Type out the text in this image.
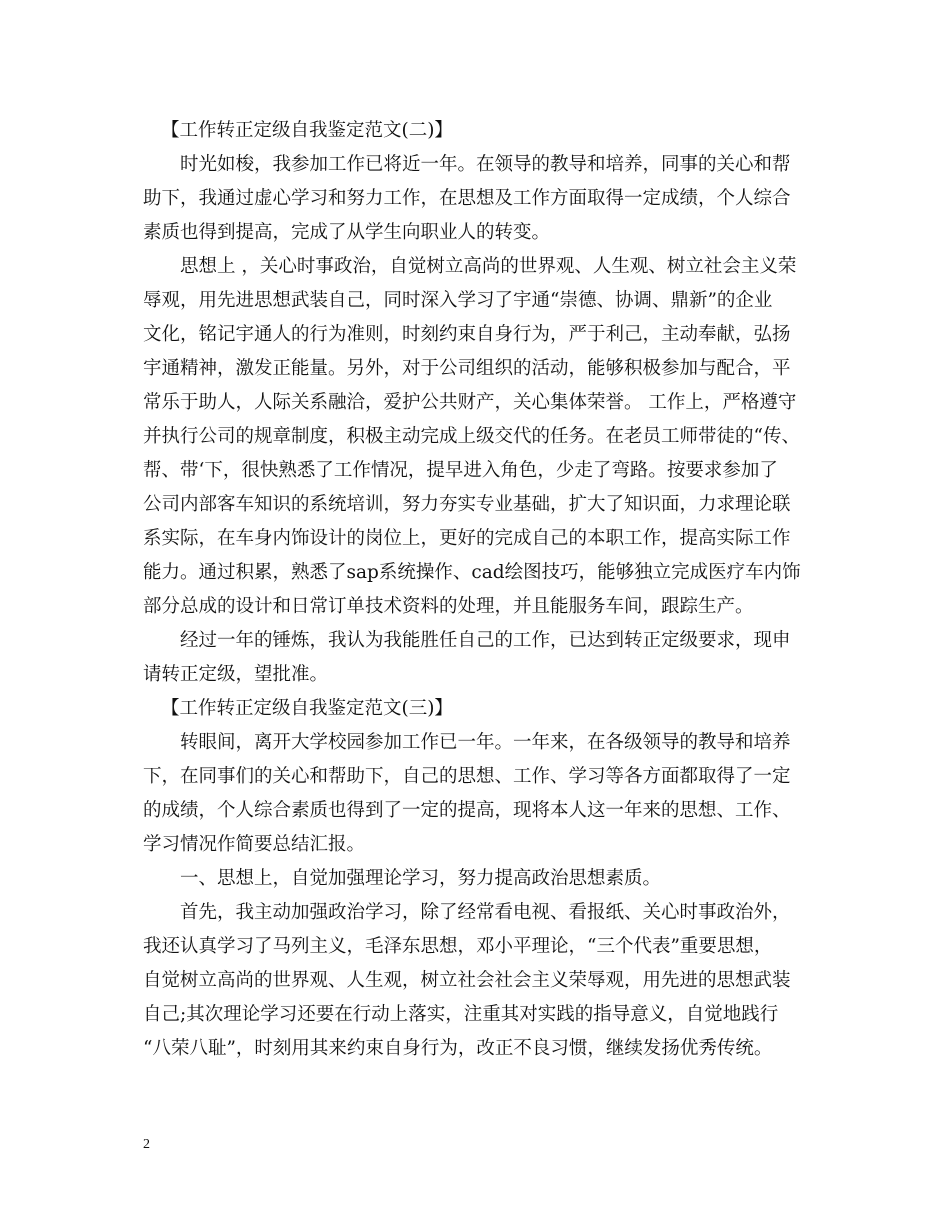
【工作转正定级自我鉴定范文(二)】
时光如梭，我参加工作已将近一年。在领导的教导和培养，同事的关心和帮
助下，我通过虚心学习和努力工作，在思想及工作方面取得一定成绩，个人综合
素质也得到提高，完成了从学生向职业人的转变。
思想上 ，关心时事政治，自觉树立高尚的世界观、人生观、树立社会主义荣
辱观，用先进思想武装自己，同时深入学习了宇通“崇德、协调、鼎新”的企业
文化，铭记宇通人的行为准则，时刻约束自身行为，严于利己，主动奉献，弘扬
宇通精神，激发正能量。另外，对于公司组织的活动，能够积极参加与配合，平
常乐于助人，人际关系融洽，爱护公共财产，关心集体荣誉。 工作上，严格遵守
并执行公司的规章制度，积极主动完成上级交代的任务。在老员工师带徒的“传、
帮、带‘下，很快熟悉了工作情况，提早进入角色，少走了弯路。按要求参加了
公司内部客车知识的系统培训，努力夯实专业基础，扩大了知识面，力求理论联
系实际，在车身内饰设计的岗位上，更好的完成自己的本职工作，提高实际工作
能力。通过积累，熟悉了sap系统操作、cad绘图技巧，能够独立完成医疗车内饰
部分总成的设计和日常订单技术资料的处理，并且能服务车间，跟踪生产。
经过一年的锤炼，我认为我能胜任自己的工作，已达到转正定级要求，现申
请转正定级，望批准。
【工作转正定级自我鉴定范文(三)】
转眼间，离开大学校园参加工作已一年。一年来，在各级领导的教导和培养
下，在同事们的关心和帮助下，自己的思想、工作、学习等各方面都取得了一定
的成绩，个人综合素质也得到了一定的提高，现将本人这一年来的思想、工作、
学习情况作简要总结汇报。
一、思想上，自觉加强理论学习，努力提高政治思想素质。
首先，我主动加强政治学习，除了经常看电视、看报纸、关心时事政治外，
我还认真学习了马列主义，毛泽东思想，邓小平理论，“三个代表”重要思想，
自觉树立高尚的世界观、人生观，树立社会社会主义荣辱观，用先进的思想武装
自己;其次理论学习还要在行动上落实，注重其对实践的指导意义，自觉地践行
“八荣八耻”，时刻用其来约束自身行为，改正不良习惯，继续发扬优秀传统。
2
